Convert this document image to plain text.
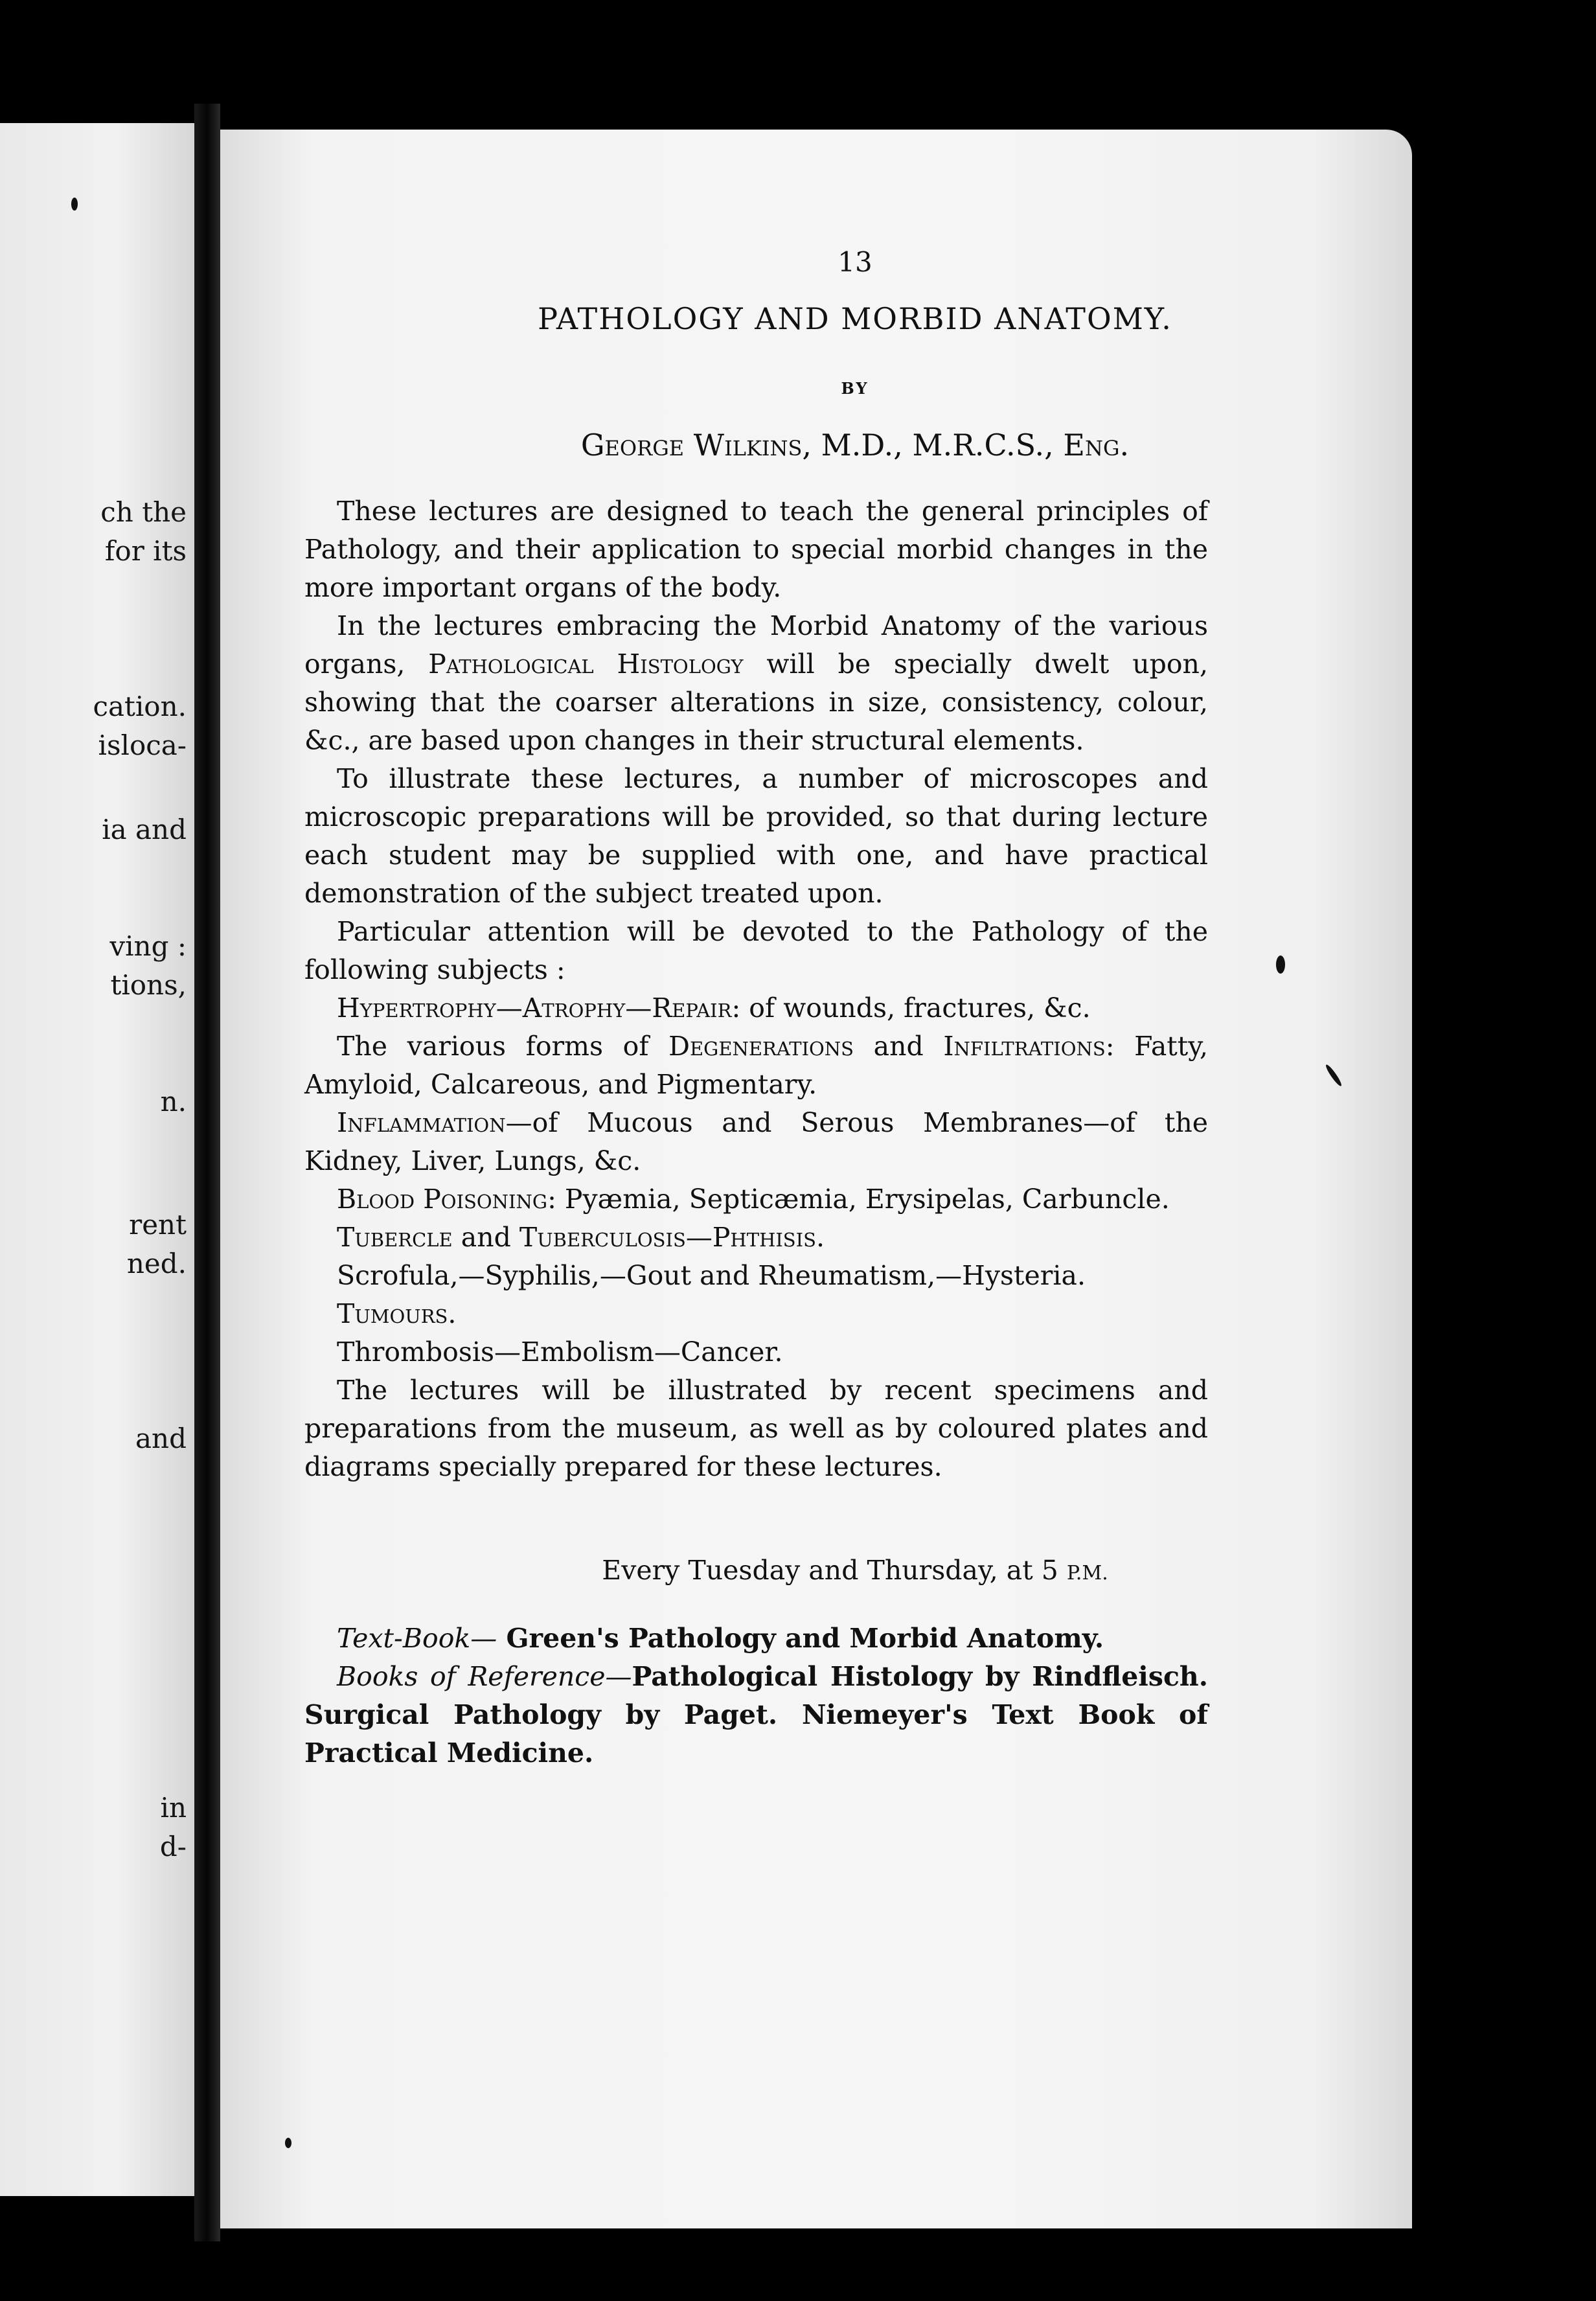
ch the
for its
cation.
isloca-
ia and
ving :
tions,
n.
rent
ned.
and
in
d-
13
PATHOLOGY AND MORBID ANATOMY.
BY
George Wilkins, M.D., M.R.C.S., Eng.

These lectures are designed to teach the general principles of Pathology, and their application to special morbid changes in the more important organs of the body.

In the lectures embracing the Morbid Anatomy of the various organs, Pathological Histology will be specially dwelt upon, showing that the coarser alterations in size, consistency, colour, &c., are based upon changes in their structural elements.

To illustrate these lectures, a number of microscopes and microscopic preparations will be provided, so that during lecture each student may be supplied with one, and have practical demonstration of the subject treated upon.

Particular attention will be devoted to the Pathology of the following subjects :

Hypertrophy—Atrophy—Repair: of wounds, fractures, &c.

The various forms of Degenerations and Infiltrations: Fatty, Amyloid, Calcareous, and Pigmentary.

Inflammation—of Mucous and Serous Membranes—of the Kidney, Liver, Lungs, &c.

Blood Poisoning: Pyæmia, Septicæmia, Erysipelas, Carbuncle.

Tubercle and Tuberculosis—Phthisis.

Scrofula,—Syphilis,—Gout and Rheumatism,—Hysteria.

Tumours.

Thrombosis—Embolism—Cancer.

The lectures will be illustrated by recent specimens and preparations from the museum, as well as by coloured plates and diagrams specially prepared for these lectures.

Every Tuesday and Thursday, at 5 P.M.

Text-Book— Green's Pathology and Morbid Anatomy.

Books of Reference—Pathological Histology by Rindfleisch. Surgical Pathology by Paget. Niemeyer's Text Book of Practical Medicine.
